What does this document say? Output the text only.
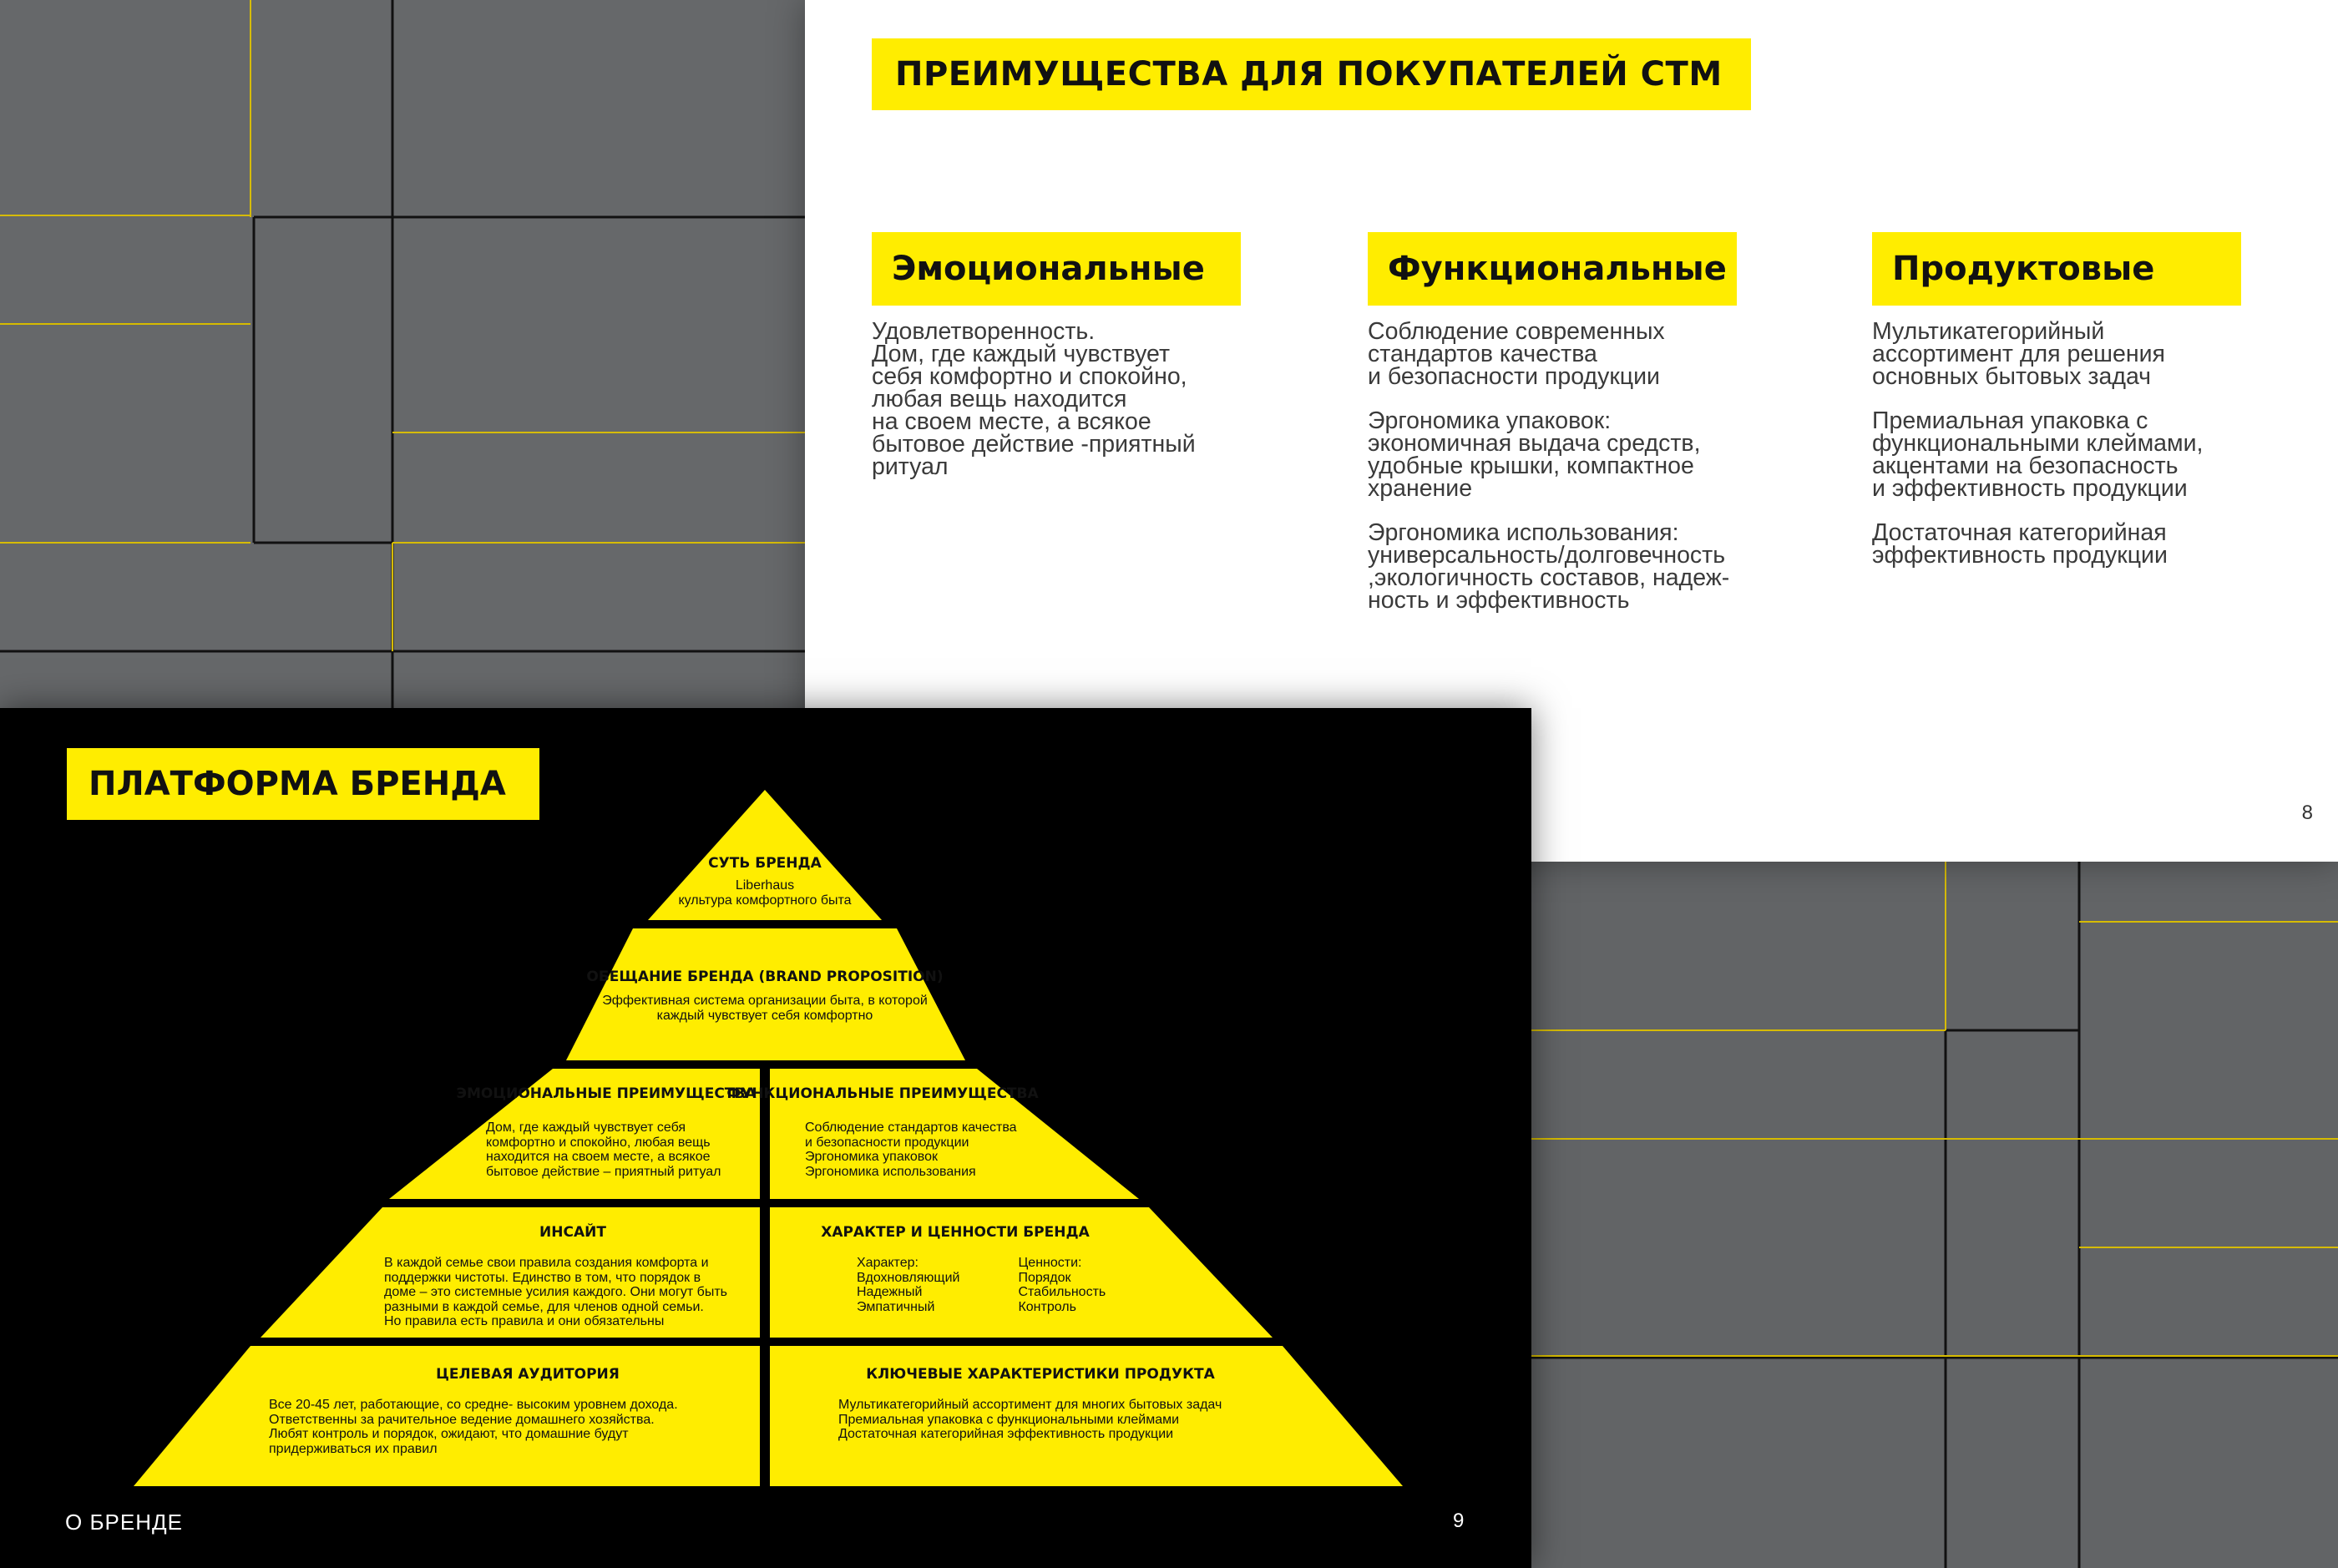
ПРЕИМУЩЕСТВА ДЛЯ ПОКУПАТЕЛЕЙ СТМ
Эмоциональные

Удовлетворенность.
Дом, где каждый чувствует
себя комфортно и спокойно,
любая вещь находится
на своем месте, а всякое
бытовое действие -приятный
ритуал

Функциональные

Соблюдение современных
стандартов качества
и безопасности продукции

Эргономика упаковок:
экономичная выдача средств,
удобные крышки, компактное
хранение

Эргономика использования:
универсальность/долговечность
,экологичность составов, надеж-
ность и эффективность

Продуктовые

Мультикатегорийный
ассортимент для решения
основных бытовых задач

Премиальная упаковка с
функциональными клеймами,
акцентами на безопасность
и эффективность продукции

Достаточная категорийная
эффективность продукции

8
ПЛАТФОРМА БРЕНДА
СУТЬ БРЕНДА
Liberhaus
культура комфортного быта
ОБЕЩАНИЕ БРЕНДА (BRAND PROPOSITION)
Эффективная система организации быта, в которой
каждый чувствует себя комфортно
ЭМОЦИОНАЛЬНЫЕ ПРЕИМУЩЕСТВА
Дом, где каждый чувствует себя
комфортно и спокойно, любая вещь
находится на своем месте, а всякое
бытовое действие – приятный ритуал
ФУНКЦИОНАЛЬНЫЕ ПРЕИМУЩЕСТВА
Соблюдение стандартов качества
и безопасности продукции
Эргономика упаковок
Эргономика использования
ИНСАЙТ
В каждой семье свои правила создания комфорта и
поддержки чистоты. Единство в том, что порядок в
доме – это системные усилия каждого. Они могут быть
разными в каждой семье, для членов одной семьи.
Но правила есть правила и они обязательны
ХАРАКТЕР И ЦЕННОСТИ БРЕНДА
Характер:
Вдохновляющий
Надежный
Эмпатичный
Ценности:
Порядок
Стабильность
Контроль
ЦЕЛЕВАЯ АУДИТОРИЯ
Все 20-45 лет, работающие, со средне- высоким уровнем дохода.
Ответственны за рачительное ведение домашнего хозяйства.
Любят контроль и порядок, ожидают, что домашние будут
придерживаться их правил
КЛЮЧЕВЫЕ ХАРАКТЕРИСТИКИ ПРОДУКТА
Мультикатегорийный ассортимент для многих бытовых задач
Премиальная упаковка с функциональными клеймами
Достаточная категорийная эффективность продукции
О БРЕНДЕ	9
